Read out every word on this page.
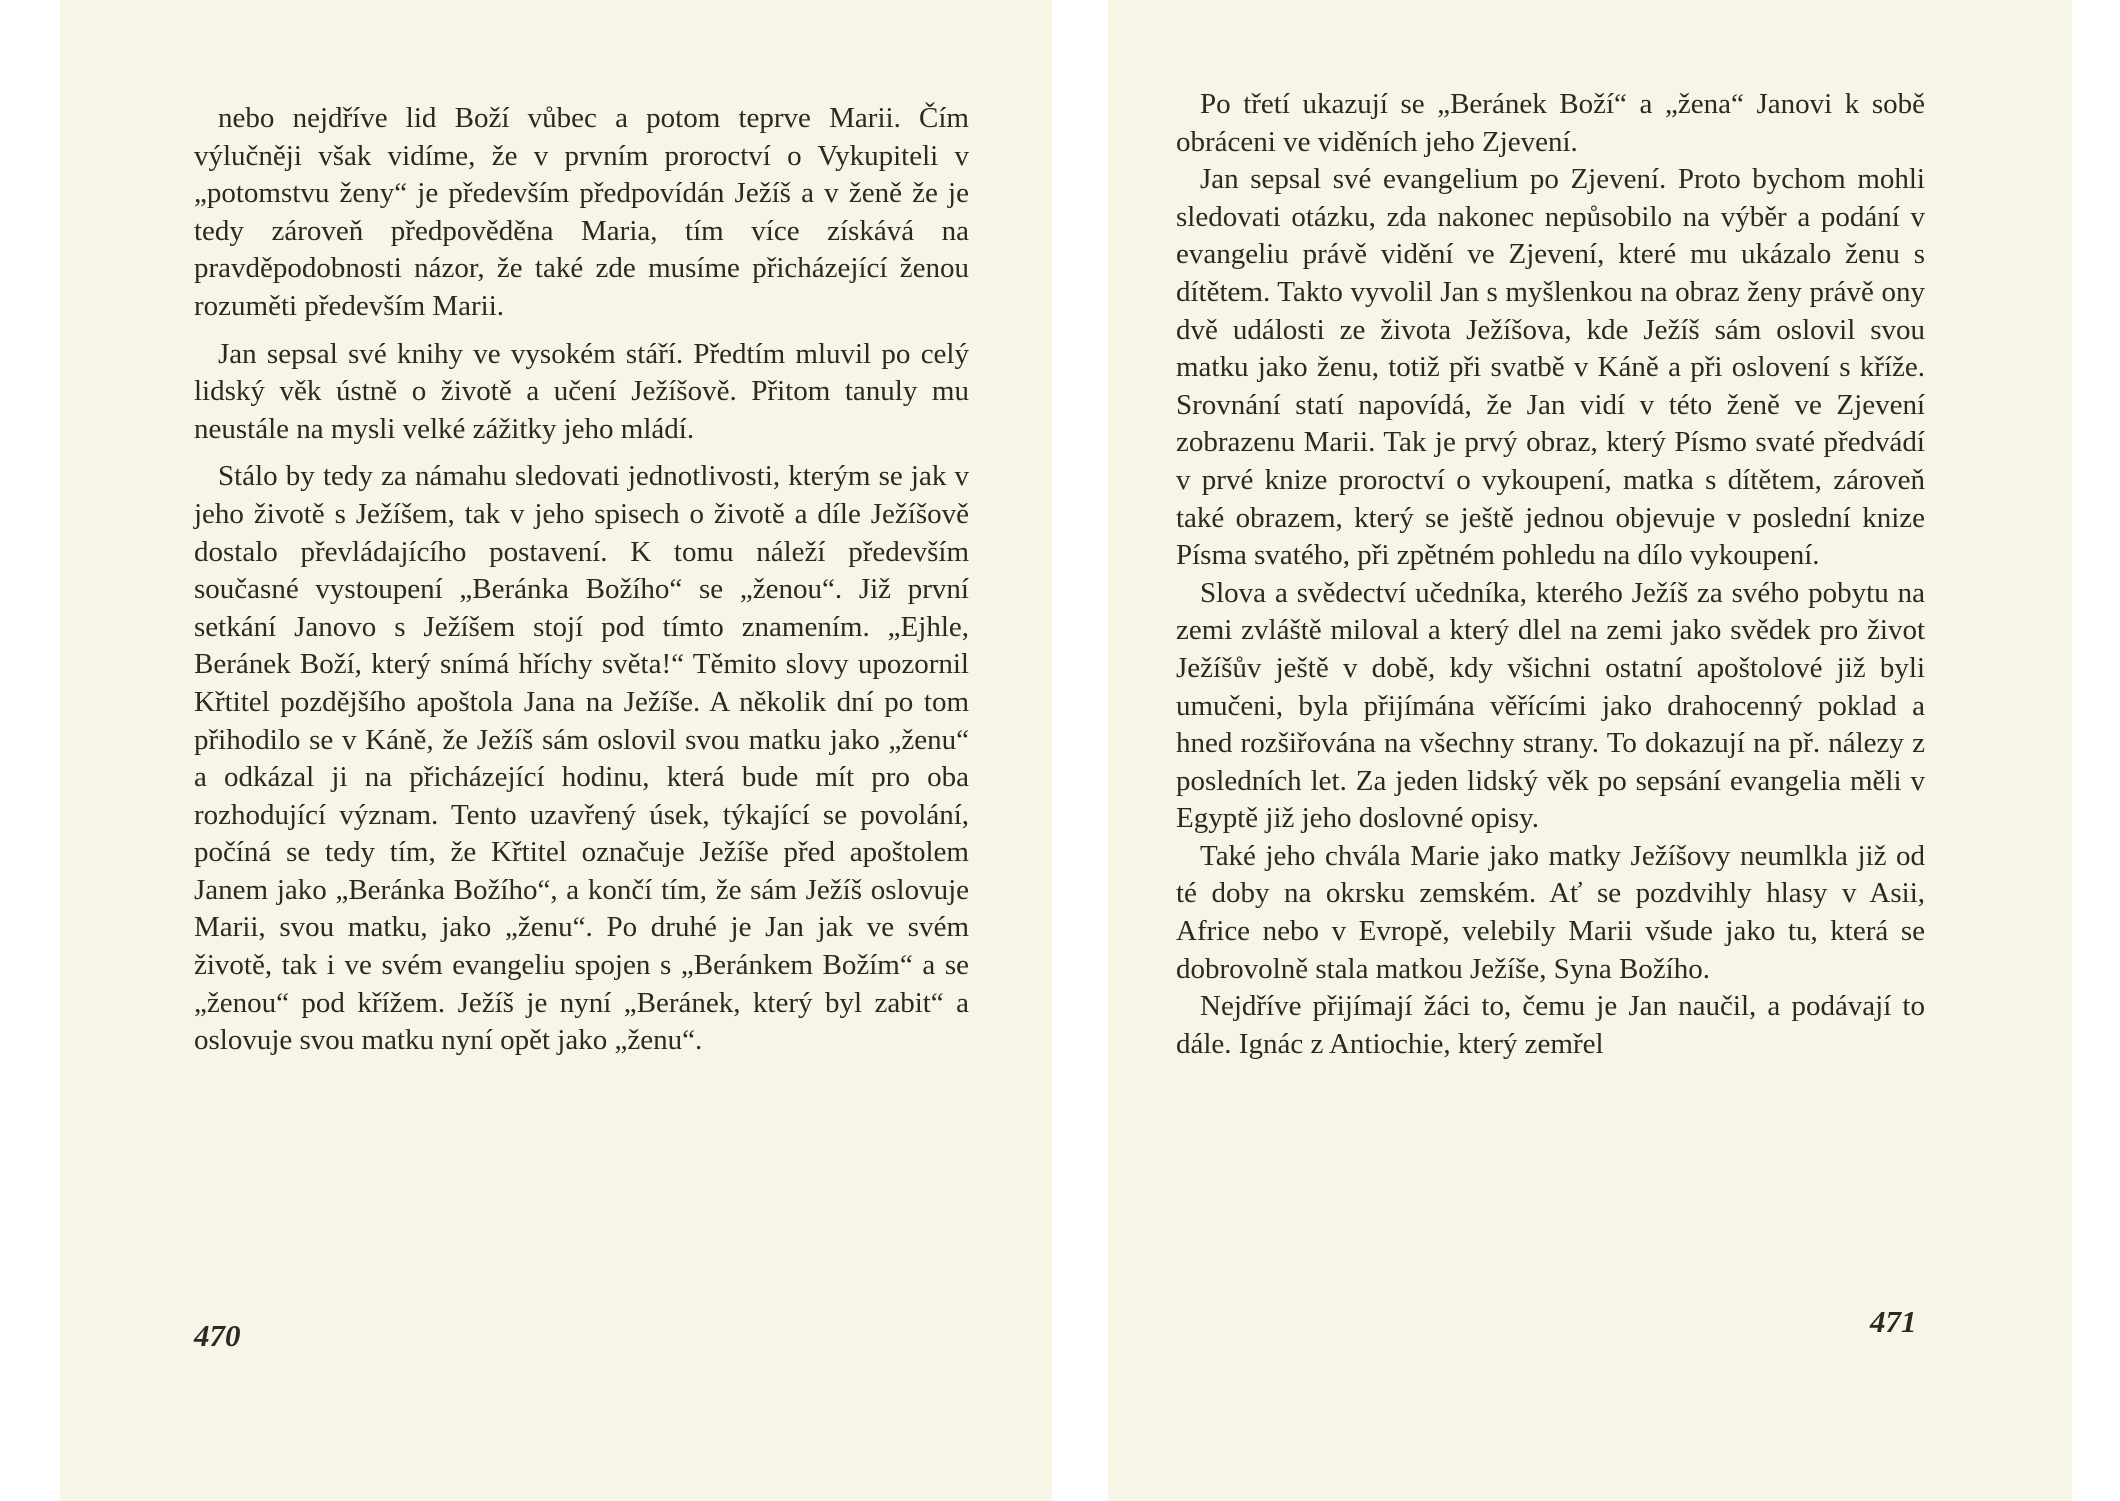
nebo nejdříve lid Boží vůbec a potom teprve Marii. Čím výlučněji však vidíme, že v prvním proroctví o Vykupiteli v „potomstvu ženy“ je především předpovídán Ježíš a v ženě že je tedy zároveň předpověděna Maria, tím více získává na pravděpodobnosti názor, že také zde musíme přicházející ženou rozuměti především Marii.

Jan sepsal své knihy ve vysokém stáří. Předtím mluvil po celý lidský věk ústně o životě a učení Ježíšově. Přitom tanuly mu neustále na mysli velké zážitky jeho mládí.

Stálo by tedy za námahu sledovati jednotlivosti, kterým se jak v jeho životě s Ježíšem, tak v jeho spisech o životě a díle Ježíšově dostalo převládajícího postavení. K tomu náleží především současné vystoupení „Beránka Božího“ se „ženou“. Již první setkání Janovo s Ježíšem stojí pod tímto znamením. „Ejhle, Beránek Boží, který snímá hříchy světa!“ Těmito slovy upozornil Křtitel pozdějšího apoštola Jana na Ježíše. A několik dní po tom přihodilo se v Káně, že Ježíš sám oslovil svou matku jako „ženu“ a odkázal ji na přicházející hodinu, která bude mít pro oba rozhodující význam. Tento uzavřený úsek, týkající se povolání, počíná se tedy tím, že Křtitel označuje Ježíše před apoštolem Janem jako „Beránka Božího“, a končí tím, že sám Ježíš oslovuje Marii, svou matku, jako „ženu“. Po druhé je Jan jak ve svém životě, tak i ve svém evangeliu spojen s „Beránkem Božím“ a se „ženou“ pod křížem. Ježíš je nyní „Beránek, který byl zabit“ a oslovuje svou matku nyní opět jako „ženu“.

470

Po třetí ukazují se „Beránek Boží“ a „žena“ Janovi k sobě obráceni ve viděních jeho Zjevení.

Jan sepsal své evangelium po Zjevení. Proto bychom mohli sledovati otázku, zda nakonec nepůsobilo na výběr a podání v evangeliu právě vidění ve Zjevení, které mu ukázalo ženu s dítětem. Takto vyvolil Jan s myšlenkou na obraz ženy právě ony dvě události ze života Ježíšova, kde Ježíš sám oslovil svou matku jako ženu, totiž při svatbě v Káně a při oslovení s kříže. Srovnání statí napovídá, že Jan vidí v této ženě ve Zjevení zobrazenu Marii. Tak je prvý obraz, který Písmo svaté předvádí v prvé knize proroctví o vykoupení, matka s dítětem, zároveň také obrazem, který se ještě jednou objevuje v poslední knize Písma svatého, při zpětném pohledu na dílo vykoupení.

Slova a svědectví učedníka, kterého Ježíš za svého pobytu na zemi zvláště miloval a který dlel na zemi jako svědek pro život Ježíšův ještě v době, kdy všichni ostatní apoštolové již byli umučeni, byla přijímána věřícími jako drahocenný poklad a hned rozšiřována na všechny strany. To dokazují na př. nálezy z posledních let. Za jeden lidský věk po sepsání evangelia měli v Egyptě již jeho doslovné opisy.

Také jeho chvála Marie jako matky Ježíšovy neumlkla již od té doby na okrsku zemském. Ať se pozdvihly hlasy v Asii, Africe nebo v Evropě, velebily Marii všude jako tu, která se dobrovolně stala matkou Ježíše, Syna Božího.

Nejdříve přijímají žáci to, čemu je Jan naučil, a podávají to dále. Ignác z Antiochie, který zemřel

471
